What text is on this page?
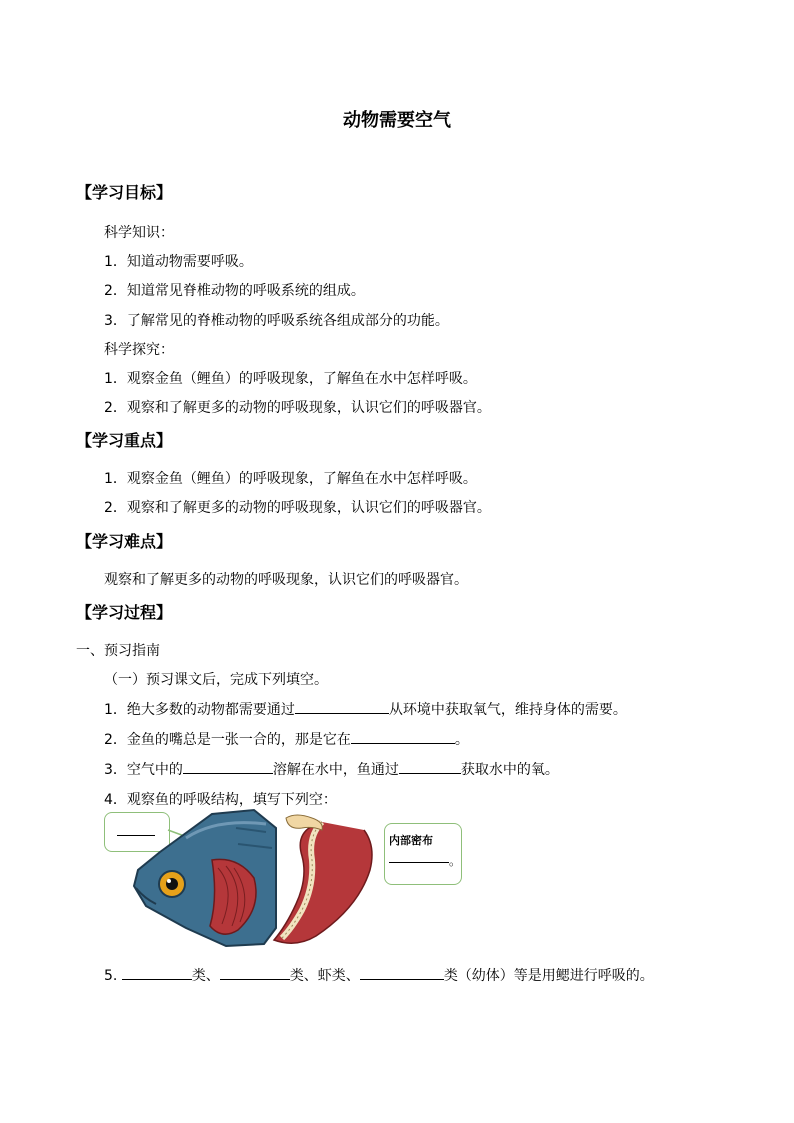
动物需要空气
【学习目标】
科学知识：
1．知道动物需要呼吸。
2．知道常见脊椎动物的呼吸系统的组成。
3．了解常见的脊椎动物的呼吸系统各组成部分的功能。
科学探究：
1．观察金鱼（鲤鱼）的呼吸现象，了解鱼在水中怎样呼吸。
2．观察和了解更多的动物的呼吸现象，认识它们的呼吸器官。
【学习重点】
1．观察金鱼（鲤鱼）的呼吸现象，了解鱼在水中怎样呼吸。
2．观察和了解更多的动物的呼吸现象，认识它们的呼吸器官。
【学习难点】
观察和了解更多的动物的呼吸现象，认识它们的呼吸器官。
【学习过程】
一、预习指南
（一）预习课文后，完成下列填空。
1．绝大多数的动物都需要通过	从环境中获取氧气，维持身体的需要。
2．金鱼的嘴总是一张一合的，那是它在	。
3．空气中的	溶解在水中，鱼通过	获取水中的氧。
4．观察鱼的呼吸结构，填写下列空：
内部密布
。
5.	类、	类、虾类、	类（幼体）等是用鳃进行呼吸的。
